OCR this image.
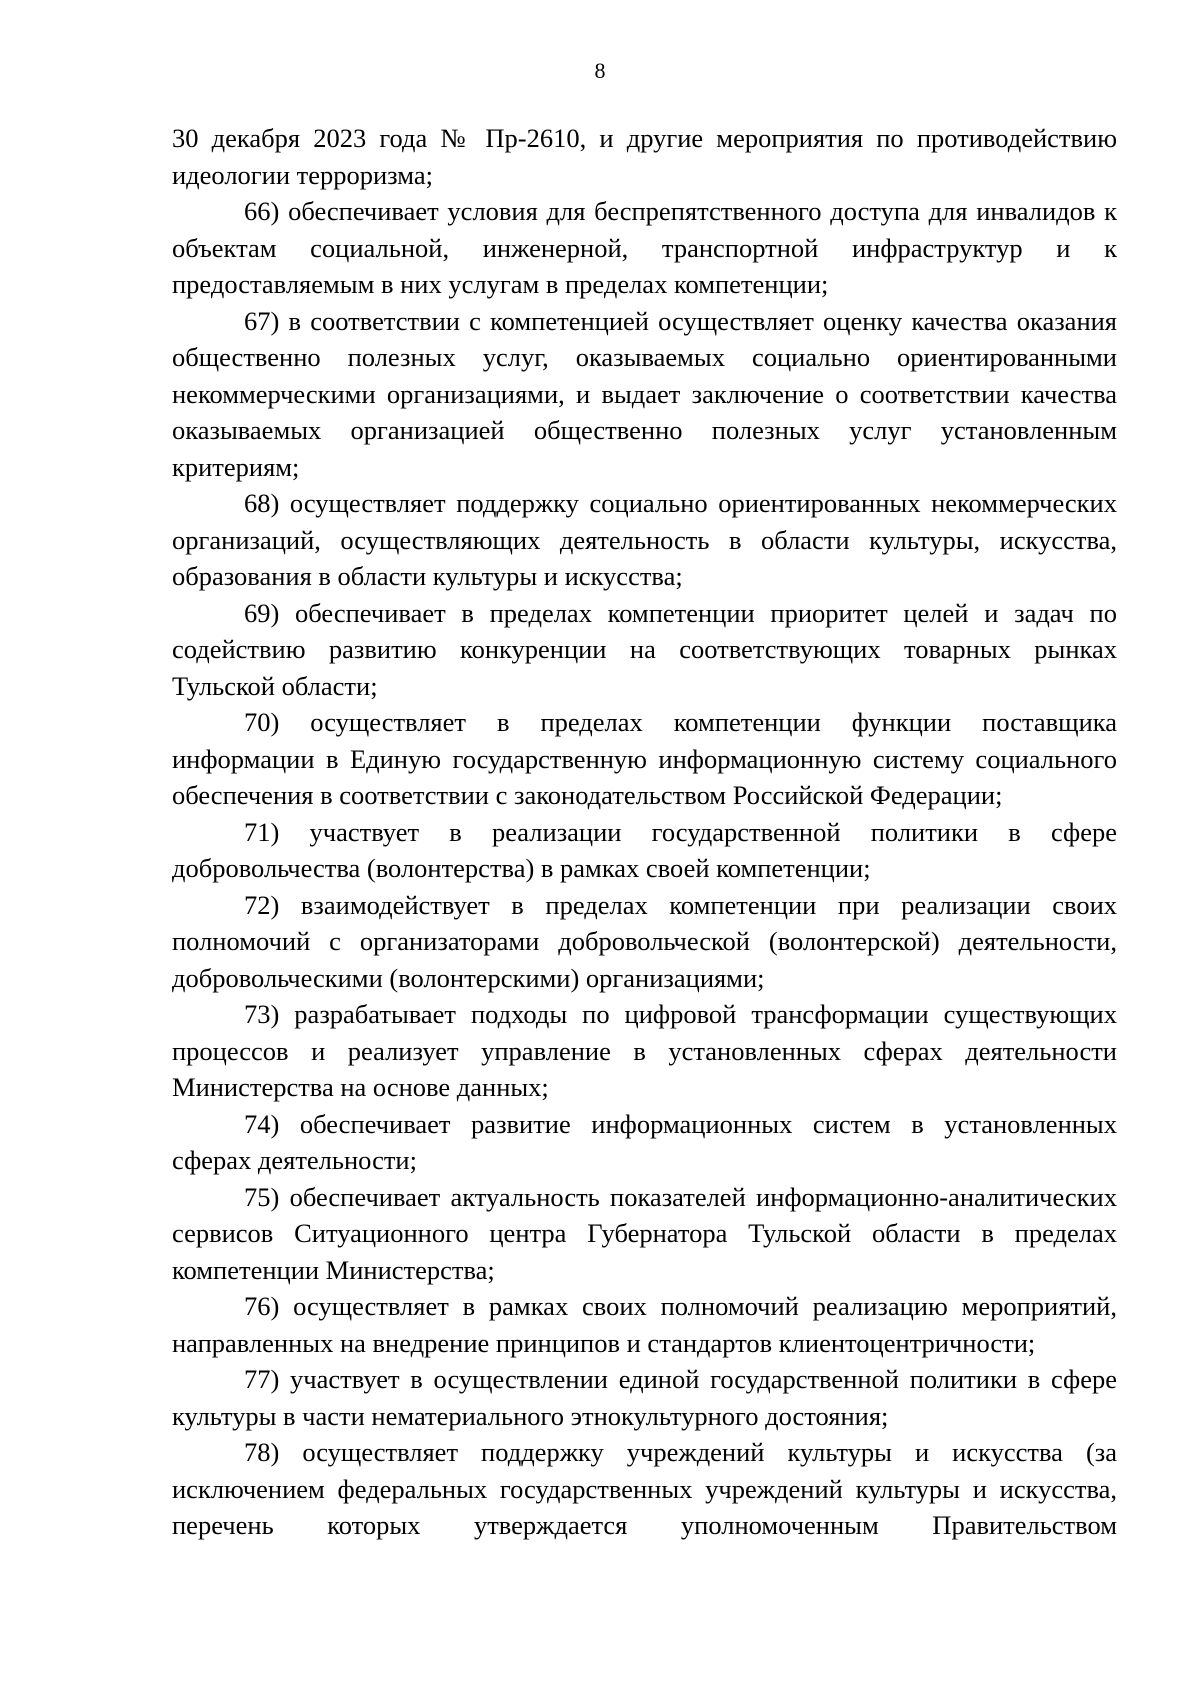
8

30 декабря 2023 года № Пр-2610, и другие мероприятия по противодействию идеологии терроризма;

66) обеспечивает условия для беспрепятственного доступа для инвалидов к объектам социальной, инженерной, транспортной инфраструктур и к предоставляемым в них услугам в пределах компетенции;

67) в соответствии с компетенцией осуществляет оценку качества оказания общественно полезных услуг, оказываемых социально ориентированными некоммерческими организациями, и выдает заключение о соответствии качества оказываемых организацией общественно полезных услуг установленным критериям;

68) осуществляет поддержку социально ориентированных некоммерческих организаций, осуществляющих деятельность в области культуры, искусства, образования в области культуры и искусства;

69) обеспечивает в пределах компетенции приоритет целей и задач по содействию развитию конкуренции на соответствующих товарных рынках Тульской области;

70) осуществляет в пределах компетенции функции поставщика информации в Единую государственную информационную систему социального обеспечения в соответствии с законодательством Российской Федерации;

71) участвует в реализации государственной политики в сфере добровольчества (волонтерства) в рамках своей компетенции;

72) взаимодействует в пределах компетенции при реализации своих полномочий с организаторами добровольческой (волонтерской) деятельности, добровольческими (волонтерскими) организациями;

73) разрабатывает подходы по цифровой трансформации существующих процессов и реализует управление в установленных сферах деятельности Министерства на основе данных;

74) обеспечивает развитие информационных систем в установленных сферах деятельности;

75) обеспечивает актуальность показателей информационно-аналитических сервисов Ситуационного центра Губернатора Тульской области в пределах компетенции Министерства;

76) осуществляет в рамках своих полномочий реализацию мероприятий, направленных на внедрение принципов и стандартов клиентоцентричности;

77) участвует в осуществлении единой государственной политики в сфере культуры в части нематериального этнокультурного достояния;

78) осуществляет поддержку учреждений культуры и искусства (за исключением федеральных государственных учреждений культуры и искусства, перечень которых утверждается уполномоченным Правительством
